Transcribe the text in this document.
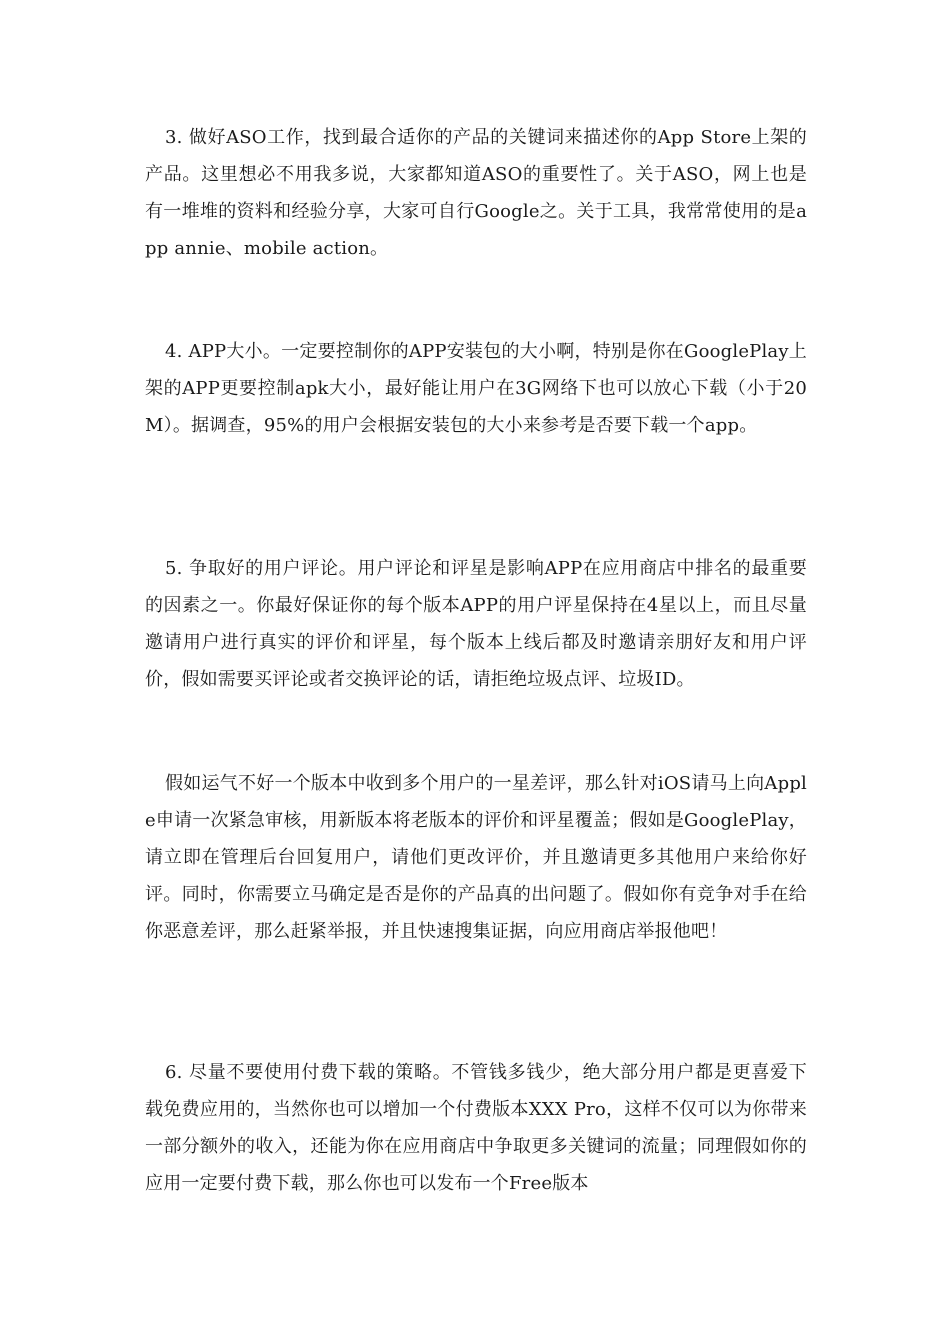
3. 做好ASO工作，找到最合适你的产品的关键词来描述你的App Store上架的产品。这里想必不用我多说，大家都知道ASO的重要性了。关于ASO，网上也是有一堆堆的资料和经验分享，大家可自行Google之。关于工具，我常常使用的是app annie、mobile action。

4. APP大小。一定要控制你的APP安装包的大小啊，特别是你在GooglePlay上架的APP更要控制apk大小，最好能让用户在3G网络下也可以放心下载（小于20M）。据调查，95%的用户会根据安装包的大小来参考是否要下载一个app。

5. 争取好的用户评论。用户评论和评星是影响APP在应用商店中排名的最重要的因素之一。你最好保证你的每个版本APP的用户评星保持在4星以上，而且尽量邀请用户进行真实的评价和评星，每个版本上线后都及时邀请亲朋好友和用户评价，假如需要买评论或者交换评论的话，请拒绝垃圾点评、垃圾ID。

假如运气不好一个版本中收到多个用户的一星差评，那么针对iOS请马上向Apple申请一次紧急审核，用新版本将老版本的评价和评星覆盖；假如是GooglePlay，请立即在管理后台回复用户，请他们更改评价，并且邀请更多其他用户来给你好评。同时，你需要立马确定是否是你的产品真的出问题了。假如你有竞争对手在给你恶意差评，那么赶紧举报，并且快速搜集证据，向应用商店举报他吧！

6. 尽量不要使用付费下载的策略。不管钱多钱少，绝大部分用户都是更喜爱下载免费应用的，当然你也可以增加一个付费版本XXX Pro，这样不仅可以为你带来一部分额外的收入，还能为你在应用商店中争取更多关键词的流量；同理假如你的应用一定要付费下载，那么你也可以发布一个Free版本
